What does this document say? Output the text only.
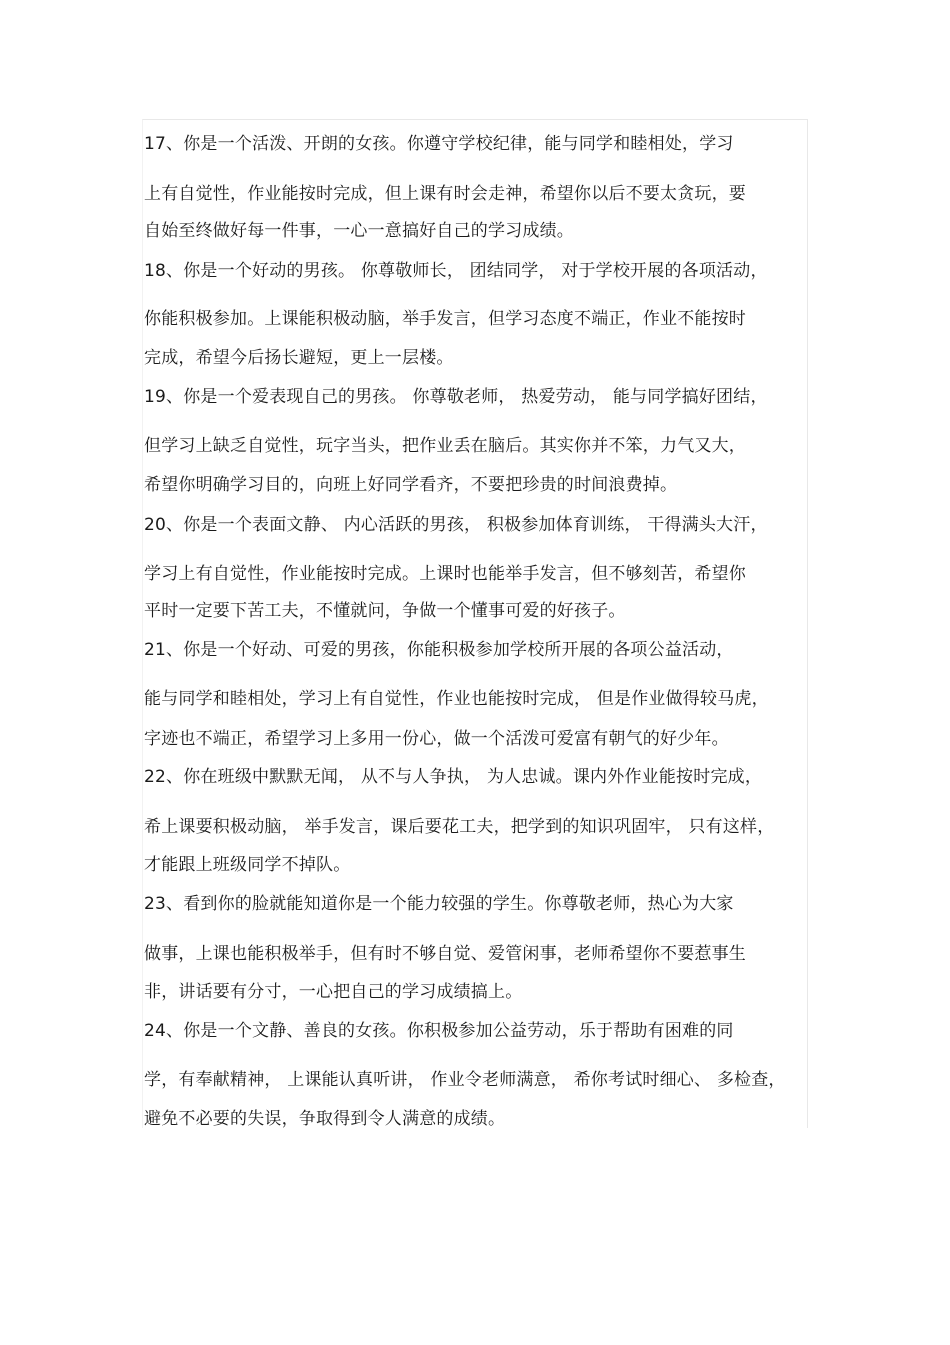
17、你是一个活泼、开朗的女孩。你遵守学校纪律，能与同学和睦相处，学习
上有自觉性，作业能按时完成，但上课有时会走神，希望你以后不要太贪玩，要
自始至终做好每一件事，一心一意搞好自己的学习成绩。
18、你是一个好动的男孩。 你尊敬师长， 团结同学， 对于学校开展的各项活动，
你能积极参加。上课能积极动脑，举手发言，但学习态度不端正，作业不能按时
完成，希望今后扬长避短，更上一层楼。
19、你是一个爱表现自己的男孩。 你尊敬老师， 热爱劳动， 能与同学搞好团结，
但学习上缺乏自觉性，玩字当头，把作业丢在脑后。其实你并不笨，力气又大，
希望你明确学习目的，向班上好同学看齐，不要把珍贵的时间浪费掉。
20、你是一个表面文静、 内心活跃的男孩， 积极参加体育训练， 干得满头大汗，
学习上有自觉性，作业能按时完成。上课时也能举手发言，但不够刻苦，希望你
平时一定要下苦工夫，不懂就问，争做一个懂事可爱的好孩子。
21、你是一个好动、可爱的男孩，你能积极参加学校所开展的各项公益活动，
能与同学和睦相处，学习上有自觉性，作业也能按时完成， 但是作业做得较马虎，
字迹也不端正，希望学习上多用一份心，做一个活泼可爱富有朝气的好少年。
22、你在班级中默默无闻， 从不与人争执， 为人忠诚。课内外作业能按时完成，
希上课要积极动脑， 举手发言，课后要花工夫，把学到的知识巩固牢， 只有这样，
才能跟上班级同学不掉队。
23、看到你的脸就能知道你是一个能力较强的学生。你尊敬老师，热心为大家
做事，上课也能积极举手，但有时不够自觉、爱管闲事，老师希望你不要惹事生
非，讲话要有分寸，一心把自己的学习成绩搞上。
24、你是一个文静、善良的女孩。你积极参加公益劳动，乐于帮助有困难的同
学，有奉献精神， 上课能认真听讲， 作业令老师满意， 希你考试时细心、 多检查，
避免不必要的失误，争取得到令人满意的成绩。
